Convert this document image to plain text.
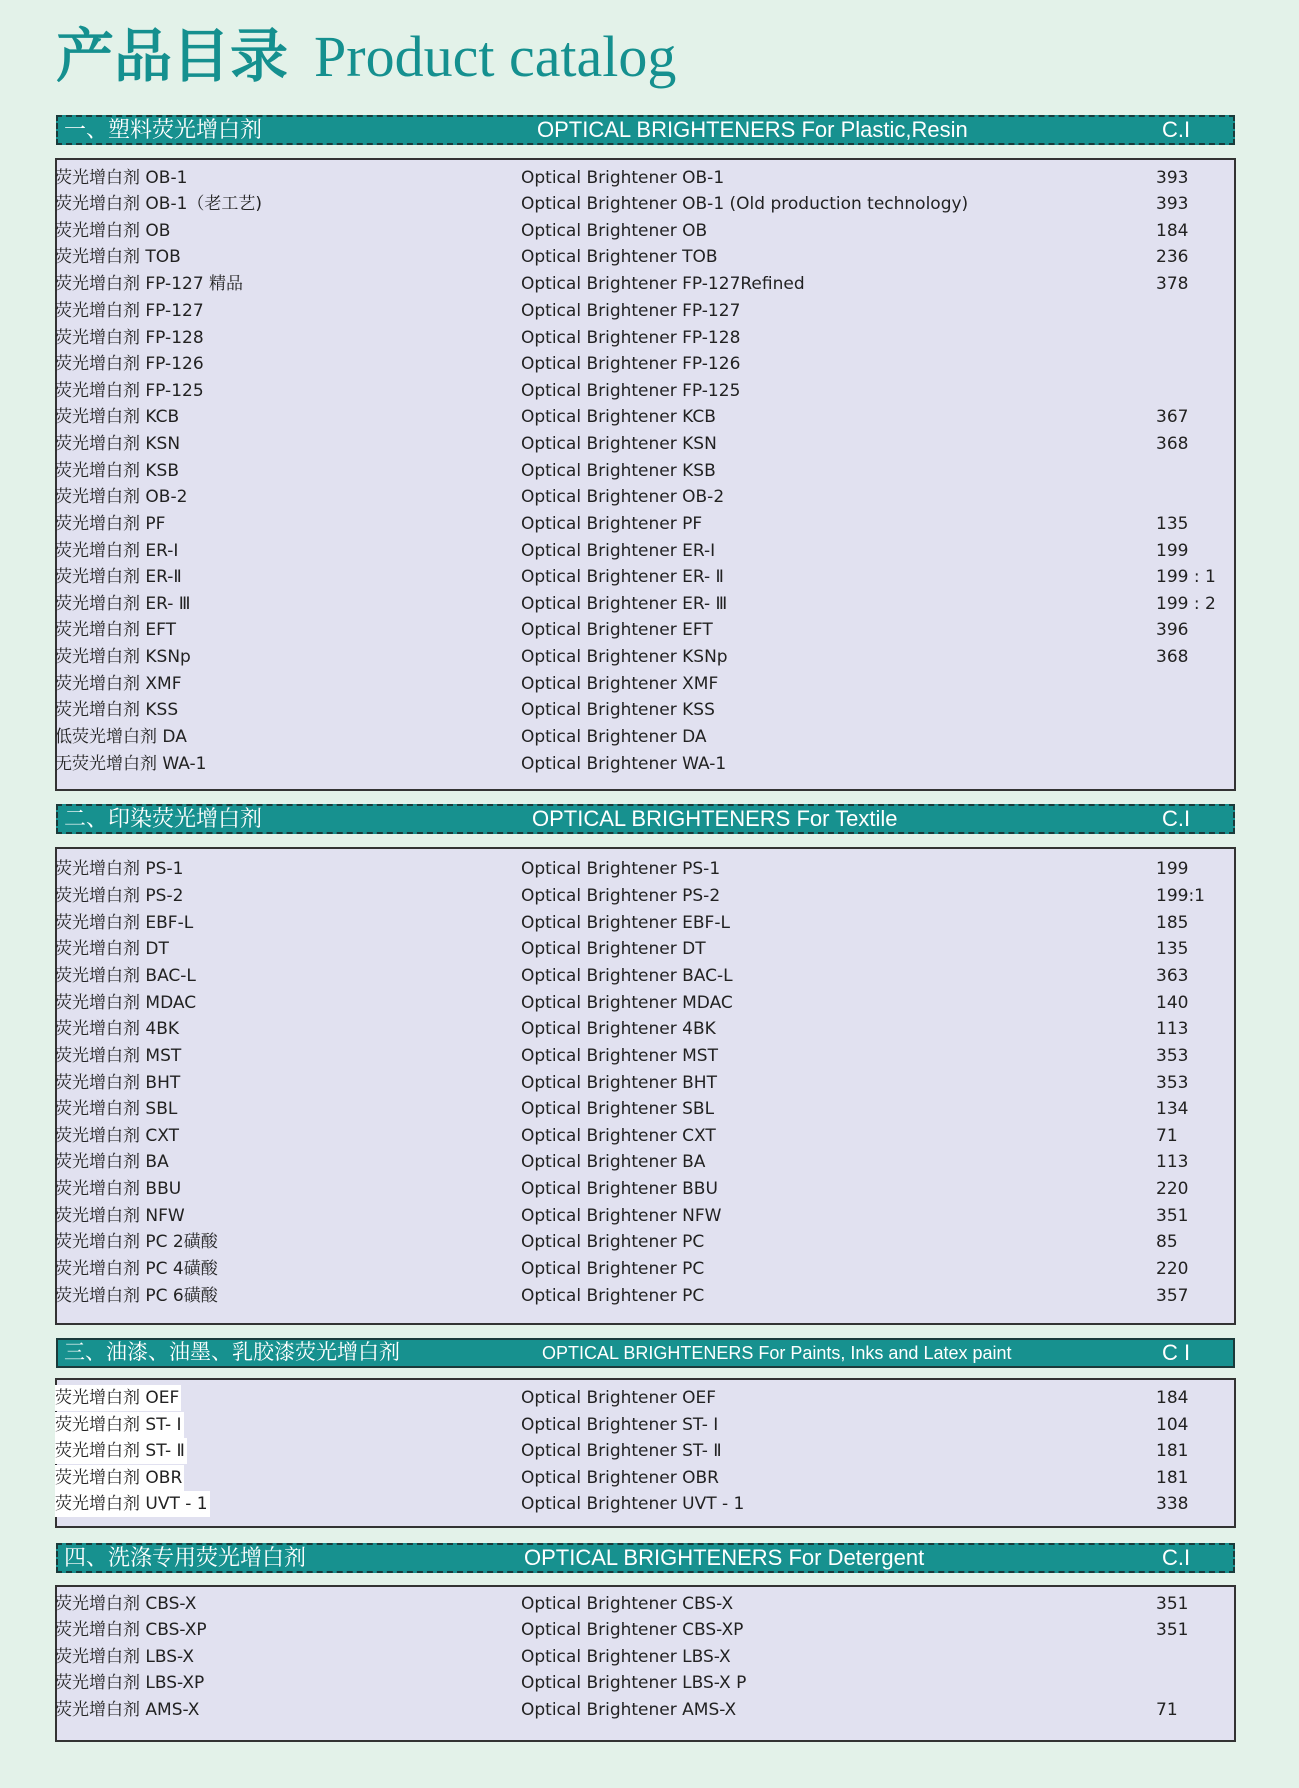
产品目录 Product catalog
一、塑料荧光增白剂	OPTICAL BRIGHTENERS For Plastic,Resin	C.I
荧光增白剂 OB-1	Optical Brightener OB-1	393
荧光增白剂 OB-1（老工艺)	Optical Brightener OB-1 (Old production technology)	393
荧光增白剂 OB	Optical Brightener OB	184
荧光增白剂 TOB	Optical Brightener TOB	236
荧光增白剂 FP-127 精品	Optical Brightener FP-127Refined	378
荧光增白剂 FP-127	Optical Brightener FP-127
荧光增白剂 FP-128	Optical Brightener FP-128
荧光增白剂 FP-126	Optical Brightener FP-126
荧光增白剂 FP-125	Optical Brightener FP-125
荧光增白剂 KCB	Optical Brightener KCB	367
荧光增白剂 KSN	Optical Brightener KSN	368
荧光增白剂 KSB	Optical Brightener KSB
荧光增白剂 OB-2	Optical Brightener OB-2
荧光增白剂 PF	Optical Brightener PF	135
荧光增白剂 ER-I	Optical Brightener ER-I	199
荧光增白剂 ER-Ⅱ	Optical Brightener ER- Ⅱ	199 : 1
荧光增白剂 ER- Ⅲ	Optical Brightener ER- Ⅲ	199 : 2
荧光增白剂 EFT	Optical Brightener EFT	396
荧光增白剂 KSNp	Optical Brightener KSNp	368
荧光增白剂 XMF	Optical Brightener XMF
荧光增白剂 KSS	Optical Brightener KSS
低荧光增白剂 DA	Optical Brightener DA
无荧光增白剂 WA-1	Optical Brightener WA-1
二、印染荧光增白剂	OPTICAL BRIGHTENERS For Textile	C.I
荧光增白剂 PS-1	Optical Brightener PS-1	199
荧光增白剂 PS-2	Optical Brightener PS-2	199:1
荧光增白剂 EBF-L	Optical Brightener EBF-L	185
荧光增白剂 DT	Optical Brightener DT	135
荧光增白剂 BAC-L	Optical Brightener BAC-L	363
荧光增白剂 MDAC	Optical Brightener MDAC	140
荧光增白剂 4BK	Optical Brightener 4BK	113
荧光增白剂 MST	Optical Brightener MST	353
荧光增白剂 BHT	Optical Brightener BHT	353
荧光增白剂 SBL	Optical Brightener SBL	134
荧光增白剂 CXT	Optical Brightener CXT	71
荧光增白剂 BA	Optical Brightener BA	113
荧光增白剂 BBU	Optical Brightener BBU	220
荧光增白剂 NFW	Optical Brightener NFW	351
荧光增白剂 PC 2磺酸	Optical Brightener PC	85
荧光增白剂 PC 4磺酸	Optical Brightener PC	220
荧光增白剂 PC 6磺酸	Optical Brightener PC	357
三、油漆、油墨、乳胶漆荧光增白剂	OPTICAL BRIGHTENERS For Paints, Inks and Latex paint	C I
荧光增白剂 OEF	Optical Brightener OEF	184
荧光增白剂 ST- Ⅰ	Optical Brightener ST- Ⅰ	104
荧光增白剂 ST- Ⅱ	Optical Brightener ST- Ⅱ	181
荧光增白剂 OBR	Optical Brightener OBR	181
荧光增白剂 UVT - 1	Optical Brightener UVT - 1	338
四、洗涤专用荧光增白剂	OPTICAL BRIGHTENERS For Detergent	C.I
荧光增白剂 CBS-X	Optical Brightener CBS-X	351
荧光增白剂 CBS-XP	Optical Brightener CBS-XP	351
荧光增白剂 LBS-X	Optical Brightener LBS-X
荧光增白剂 LBS-XP	Optical Brightener LBS-X P
荧光增白剂 AMS-X	Optical Brightener AMS-X	71
